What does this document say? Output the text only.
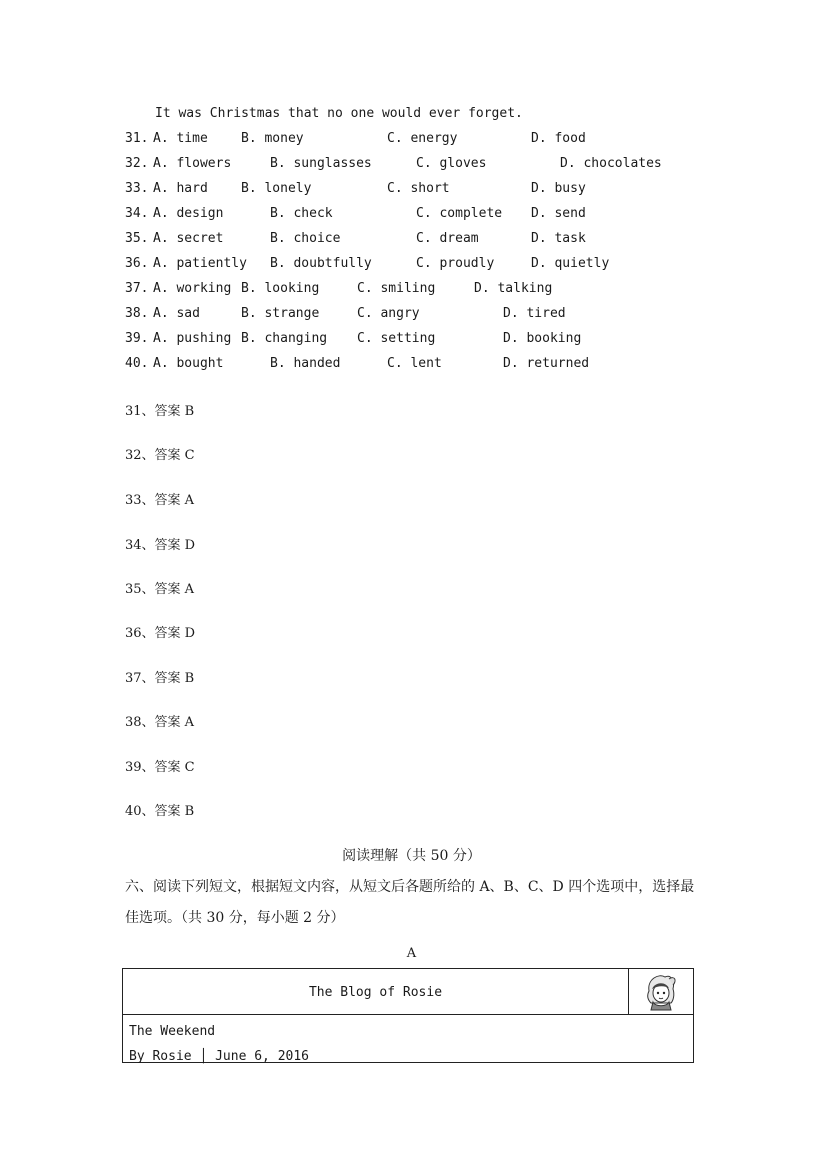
It was Christmas that no one would ever forget.
31. A. time	B. money	C. energy	D. food
32. A. flowers	B. sunglasses	C. gloves	D. chocolates
33. A. hard	B. lonely	C. short	D. busy
34. A. design	B. check	C. complete D. send
35. A. secret	B. choice	C. dream	D. task
36. A. patiently B. doubtfully	C. proudly	D. quietly
37. A. working B. looking	C. smiling	D. talking
38. A. sad	B. strange	C. angry	D. tired
39. A. pushing B. changing C. setting	D. booking
40. A. bought	B. handed	C. lent	D. returned
31、答案 B
32、答案 C
33、答案 A
34、答案 D
35、答案 A
36、答案 D
37、答案 B
38、答案 A
39、答案 C
40、答案 B
阅读理解（共 50 分）
六、阅读下列短文，根据短文内容，从短文后各题所给的 A、B、C、D 四个选项中，选择最佳选项。（共 30 分，每小题 2 分）
A
The Blog of Rosie
The Weekend
By Rosie │ June 6, 2016
